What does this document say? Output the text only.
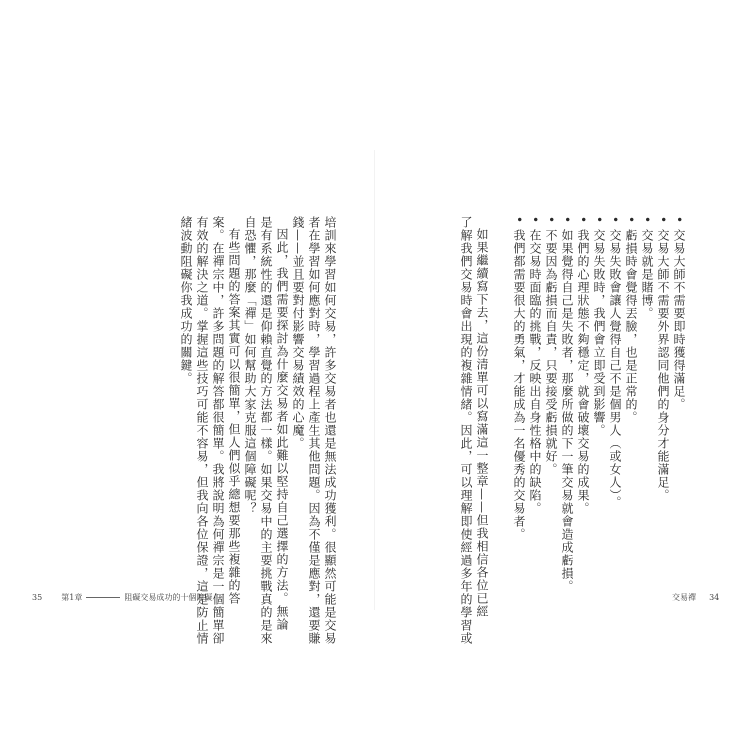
• 交易大師不需要即時獲得滿足。
• 交易大師不需要外界認同他們的身分才能滿足。
• 交易就是賭博。
• 虧損時會覺得丟臉，也是正常的。
• 交易失敗會讓人覺得自己不是個男人（或女人）。
• 交易失敗時，我們會立即受到影響。
• 我們的心理狀態不夠穩定，就會破壞交易的成果。
• 如果覺得自己是失敗者，那麼所做的下一筆交易就會造成虧損。
• 不要因為虧損而自責，只要接受虧損就好。
• 在交易時面臨的挑戰，反映出自身性格中的缺陷。
• 我們都需要很大的勇氣，才能成為一名優秀的交易者。
如果繼續寫下去，這份清單可以寫滿這一整章——但我相信各位已經
了解我們交易時會出現的複雜情緒。因此，可以理解即使經過多年的學習或
培訓來學習如何交易，許多交易者也還是無法成功獲利。很顯然可能是交易
者在學習如何應對時，學習過程上產生其他問題。因為不僅是應對，還要賺
錢——並且要對付影響交易績效的心魔。
因此，我們需要探討為什麼交易者如此難以堅持自己選擇的方法。無論
是有系統性的還是仰賴直覺的方法都一樣。如果交易中的主要挑戰真的是來
自恐懼，那麼「禪」如何幫助大家克服這個障礙呢？
有些問題的答案其實可以很簡單，但人們似乎總想要那些複雜的答
案。在禪宗中，許多問題的解答都很簡單。我將說明為何禪宗是一個簡單卻
有效的解決之道。掌握這些技巧可能不容易，但我向各位保證，這是防止情
緒波動阻礙你我成功的關鍵。
35 第1章	阻礙交易成功的十個障礙	交易禪 34
